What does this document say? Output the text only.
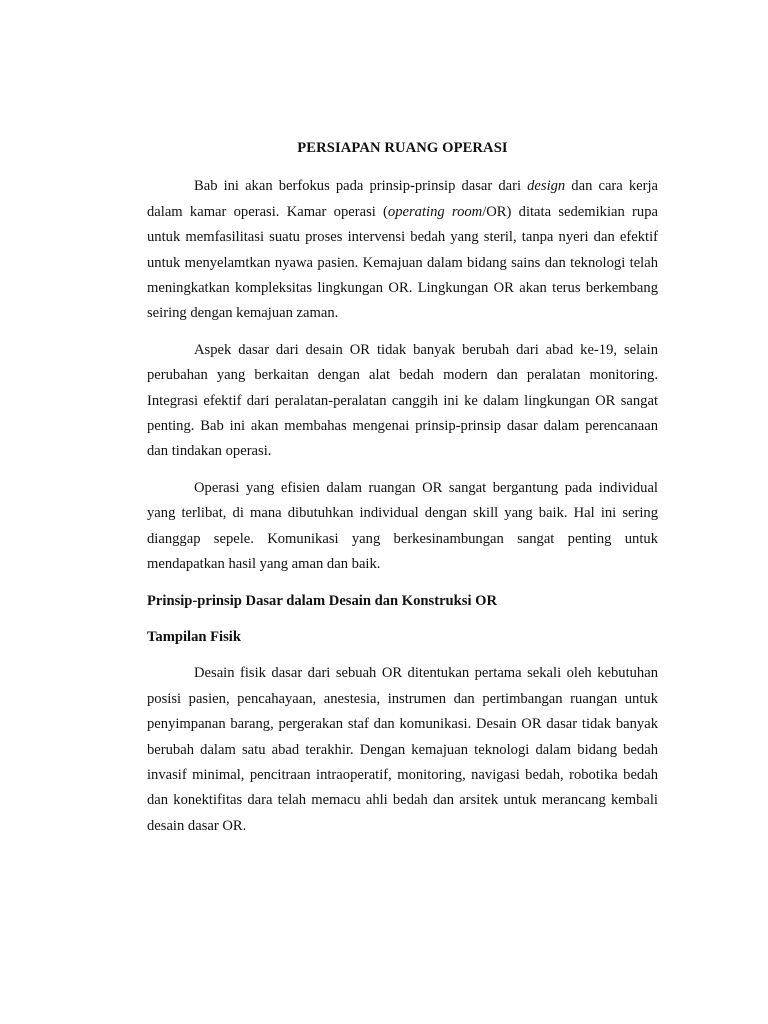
PERSIAPAN RUANG OPERASI

Bab ini akan berfokus pada prinsip-prinsip dasar dari design dan cara kerja dalam kamar operasi. Kamar operasi (operating room/OR) ditata sedemikian rupa untuk memfasilitasi suatu proses intervensi bedah yang steril, tanpa nyeri dan efektif untuk menyelamtkan nyawa pasien. Kemajuan dalam bidang sains dan teknologi telah meningkatkan kompleksitas lingkungan OR. Lingkungan OR akan terus berkembang seiring dengan kemajuan zaman.

Aspek dasar dari desain OR tidak banyak berubah dari abad ke-19, selain perubahan yang berkaitan dengan alat bedah modern dan peralatan monitoring. Integrasi efektif dari peralatan-peralatan canggih ini ke dalam lingkungan OR sangat penting. Bab ini akan membahas mengenai prinsip-prinsip dasar dalam perencanaan dan tindakan operasi.

Operasi yang efisien dalam ruangan OR sangat bergantung pada individual yang terlibat, di mana dibutuhkan individual dengan skill yang baik. Hal ini sering dianggap sepele. Komunikasi yang berkesinambungan sangat penting untuk mendapatkan hasil yang aman dan baik.

Prinsip-prinsip Dasar dalam Desain dan Konstruksi OR
Tampilan Fisik

Desain fisik dasar dari sebuah OR ditentukan pertama sekali oleh kebutuhan posisi pasien, pencahayaan, anestesia, instrumen dan pertimbangan ruangan untuk penyimpanan barang, pergerakan staf dan komunikasi. Desain OR dasar tidak banyak berubah dalam satu abad terakhir. Dengan kemajuan teknologi dalam bidang bedah invasif minimal, pencitraan intraoperatif, monitoring, navigasi bedah, robotika bedah dan konektifitas dara telah memacu ahli bedah dan arsitek untuk merancang kembali desain dasar OR.
